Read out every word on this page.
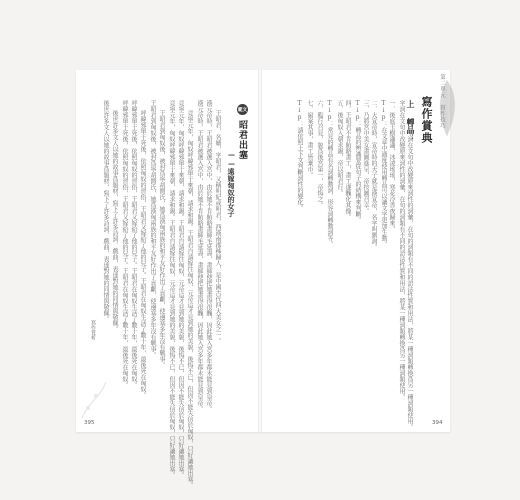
第二單元 寫作技巧
寫作賞典
上 轉品：
字詞在文句中改變原來詞性的詞彙，在句的詞類有不同的語法性質和用法，將某一種詞類轉換爲另一種詞類使用。
字詞在文句中改變原來詞性的詞彙，在句的詞類有不同的語法性質和用法，將某一種詞類轉換爲另一種詞類使用。
一、後庭玉樹瀟瀟，冰凌瑤瑤，寒花冷香夜歸來。
Tip：在文章中適度使用轉品可以讓文字更加生動。
二、大宣帝時，宣帝時的天子就是漢宣帝，名字叫劉詢。
三、乃將宮中美女畫圖進呈，帝按圖召幸。
Tip：轉品的辨識要從句子的結構來判斷。
四、王昭君不肯賄賂畫工，畫工遂醜化其像。
五、後匈奴入朝求親，帝以昭君行。
Tip：常見的轉品有名詞轉動詞、形容詞轉動詞等。
六、臨行召見，貌爲後宮第一，帝悔之。
七、窮案其事，畫工皆棄市。
Tip：請依照上下文判斷詞性的變化。
394
範文
昭君出塞
——遠嫁匈奴的女子
王昭君，名嬙，字昭君，又稱明妃或明君，西漢南郡秭歸人，是中國古代四大美女之一。
漢元帝時，王昭君被選入宮中，由於她不肯賄賂畫師毛延壽，畫師便把她畫得很醜，因此她入宮多年都未能見到皇帝。
漢元帝時，王昭君被選入宮中，由於她不肯賄賂畫師毛延壽，畫師便把她畫得很醜，因此她入宮多年都未能見到皇帝。
竟寧元年，匈奴呼韓邪單于來朝，請求和親。王昭君自請嫁往匈奴，元帝這才見到她的美貌，後悔不已，但因不能失信於匈奴，只好讓她出塞。
竟寧元年，匈奴呼韓邪單于來朝，請求和親。王昭君自請嫁往匈奴，元帝這才見到她的美貌，後悔不已，但因不能失信於匈奴，只好讓她出塞。
竟寧元年，匈奴呼韓邪單于來朝，請求和親。王昭君自請嫁往匈奴，元帝這才見到她的美貌，後悔不已，但因不能失信於匈奴，只好讓她出塞。
王昭君到匈奴後，被封爲寧胡閼氏，她爲漢匈兩族的和平友好作出了貢獻，使邊塞多年沒有戰事。
王昭君到匈奴後，被封爲寧胡閼氏，她爲漢匈兩族的和平友好作出了貢獻，使邊塞多年沒有戰事。
呼韓邪單于死後，依照匈奴的習俗，王昭君又嫁給了他的兒子。王昭君在匈奴生活了數十年，最後死在匈奴。
呼韓邪單于死後，依照匈奴的習俗，王昭君又嫁給了他的兒子。王昭君在匈奴生活了數十年，最後死在匈奴。
呼韓邪單于死後，依照匈奴的習俗，王昭君又嫁給了他的兒子。王昭君在匈奴生活了數十年，最後死在匈奴。
後世許多文人以她的故事爲題材，寫下了許多詩詞、戲曲，表達對她的同情與敬佩。
後世許多文人以她的故事爲題材，寫下了許多詩詞、戲曲，表達對她的同情與敬佩。
寫作賞析
395
